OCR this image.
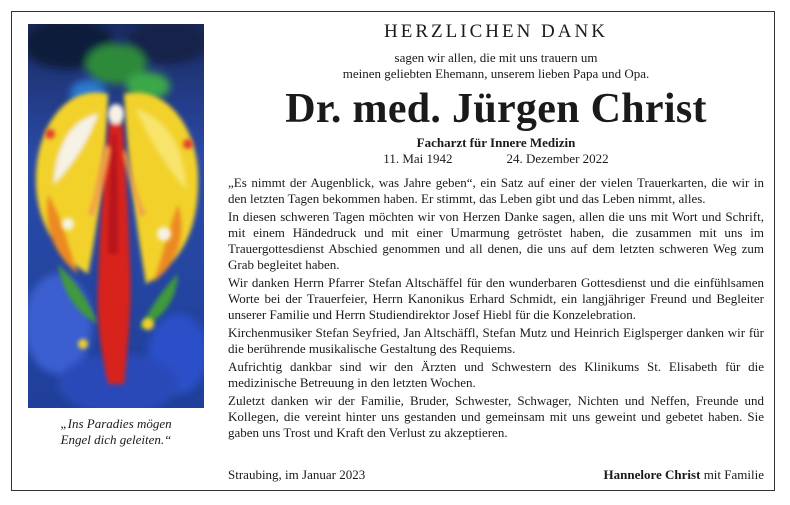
„Ins Paradies mögen
Engel dich geleiten.“
HERZLICHEN DANK
sagen wir allen, die mit uns trauern um
meinen geliebten Ehemann, unserem lieben Papa und Opa.
Dr. med. Jürgen Christ
Facharzt für Innere Medizin
11. Mai 1942	24. Dezember 2022

„Es nimmt der Augenblick, was Jahre geben“, ein Satz auf einer der vielen Trauerkarten, die wir in den letzten Tagen bekommen haben. Er stimmt, das Leben gibt und das Leben nimmt, alles.

In diesen schweren Tagen möchten wir von Herzen Danke sagen, allen die uns mit Wort und Schrift, mit einem Händedruck und mit einer Umarmung getröstet haben, die zusammen mit uns im Trauergottesdienst Abschied genommen und all denen, die uns auf dem letzten schweren Weg zum Grab begleitet haben.

Wir danken Herrn Pfarrer Stefan Altschäffel für den wunderbaren Gottesdienst und die einfühlsamen Worte bei der Trauerfeier, Herrn Kanonikus Erhard Schmidt, ein langjähriger Freund und Begleiter unserer Familie und Herrn Studiendirektor Josef Hiebl für die Konzelebration.

Kirchenmusiker Stefan Seyfried, Jan Altschäffl, Stefan Mutz und Heinrich Eiglsperger danken wir für die berührende musikalische Gestaltung des Requiems.

Aufrichtig dankbar sind wir den Ärzten und Schwestern des Klinikums St. Elisabeth für die medizinische Betreuung in den letzten Wochen.

Zuletzt danken wir der Familie, Bruder, Schwester, Schwager, Nichten und Neffen, Freunde und Kollegen, die vereint hinter uns gestanden und gemeinsam mit uns geweint und gebetet haben. Sie gaben uns Trost und Kraft den Verlust zu akzeptieren.

Straubing, im Januar 2023	Hannelore Christ mit Familie
